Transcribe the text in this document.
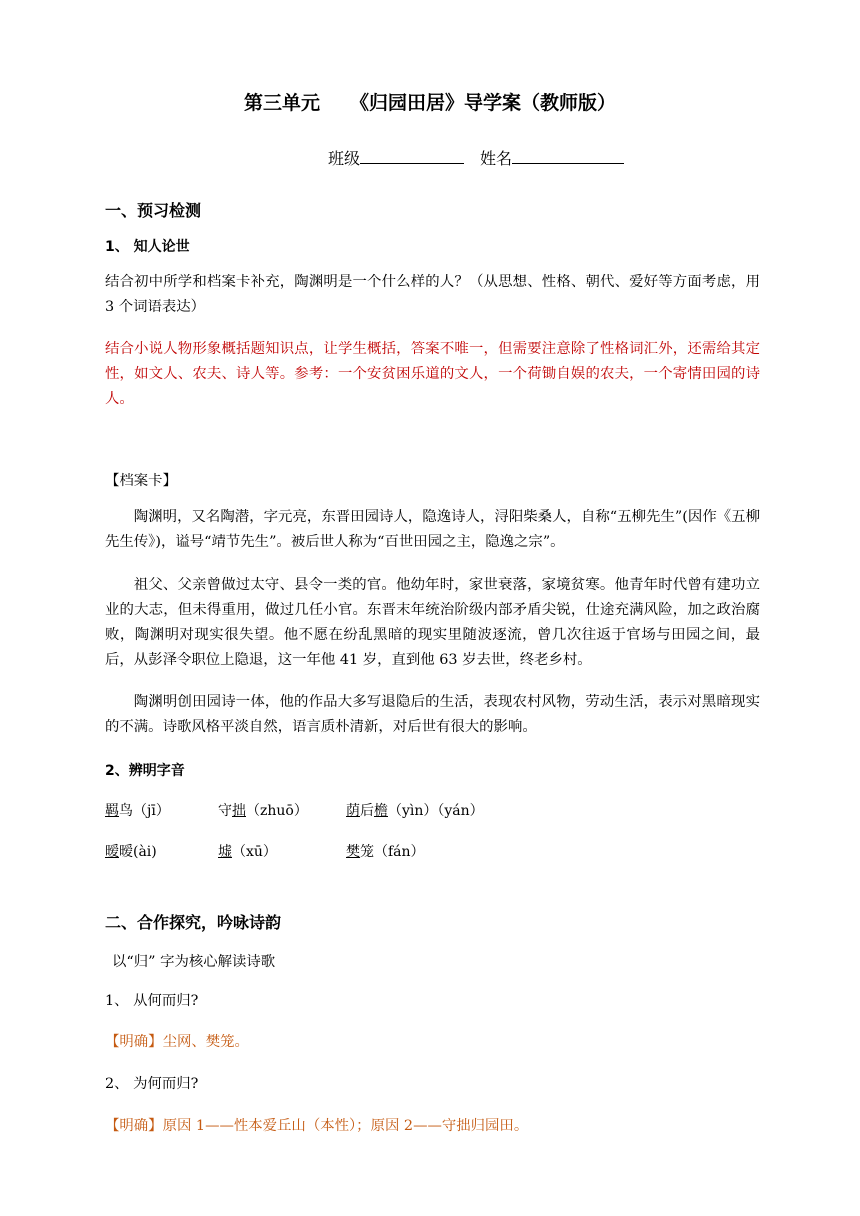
第三单元 《归园田居》导学案（教师版）
班级	姓名
一、预习检测
1、 知人论世
结合初中所学和档案卡补充，陶渊明是一个什么样的人？（从思想、性格、朝代、爱好等方面考虑，用 3 个词语表达）
结合小说人物形象概括题知识点，让学生概括，答案不唯一，但需要注意除了性格词汇外，还需给其定性，如文人、农夫、诗人等。参考：一个安贫困乐道的文人，一个荷锄自娱的农夫，一个寄情田园的诗人。
【档案卡】
陶渊明，又名陶潜，字元亮，东晋田园诗人，隐逸诗人，浔阳柴桑人，自称“五柳先生”(因作《五柳先生传》)，谥号“靖节先生”。被后世人称为“百世田园之主，隐逸之宗”。
祖父、父亲曾做过太守、县令一类的官。他幼年时，家世衰落，家境贫寒。他青年时代曾有建功立业的大志，但未得重用，做过几任小官。东晋末年统治阶级内部矛盾尖锐，仕途充满风险，加之政治腐败，陶渊明对现实很失望。他不愿在纷乱黑暗的现实里随波逐流，曾几次往返于官场与田园之间，最后，从彭泽令职位上隐退，这一年他 41 岁，直到他 63 岁去世，终老乡村。
陶渊明创田园诗一体，他的作品大多写退隐后的生活，表现农村风物，劳动生活，表示对黑暗现实的不满。诗歌风格平淡自然，语言质朴清新，对后世有很大的影响。
2、辨明字音
羁鸟（jī）	守拙（zhuō）	荫后檐（yìn）（yán）
暧暧(ài)	墟（xū）	樊笼（fán）
二、合作探究，吟咏诗韵
以“归” 字为核心解读诗歌
1、 从何而归?
【明确】尘网、樊笼。
2、 为何而归?
【明确】原因 1——性本爱丘山（本性）；原因 2——守拙归园田。
